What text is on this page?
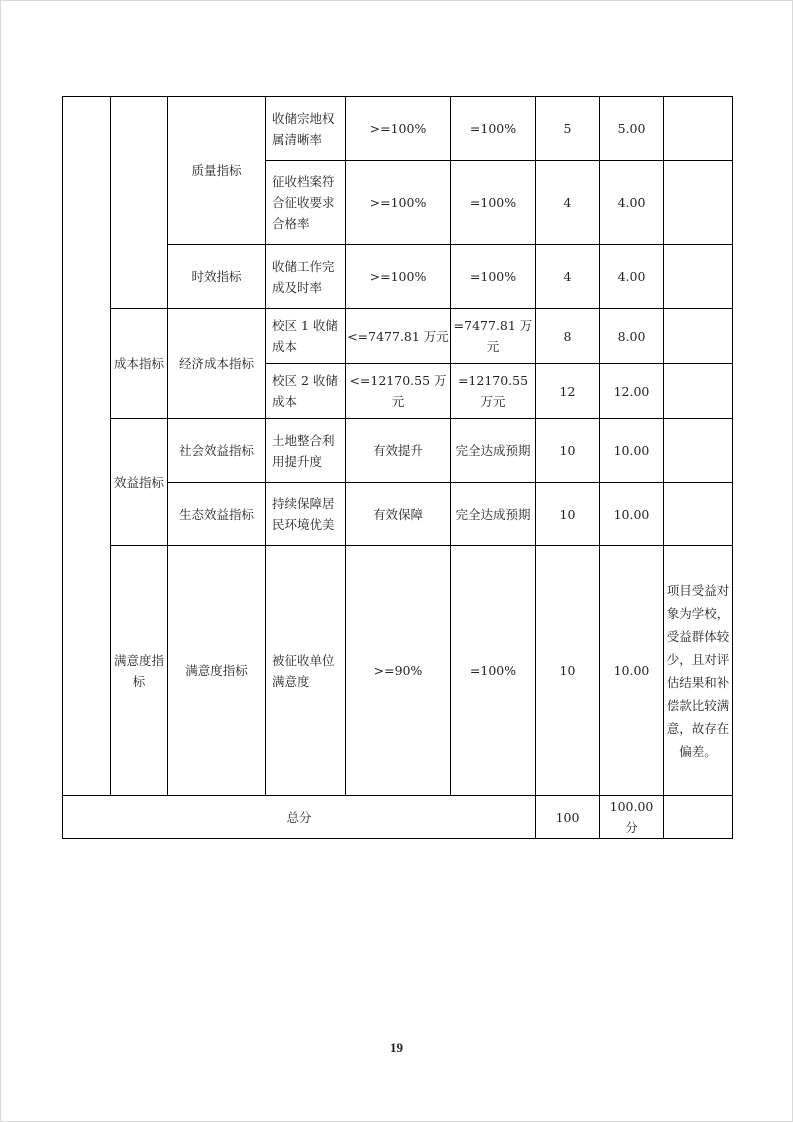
		质量指标	收储宗地权属清晰率	>=100%	=100%	5	5.00	
			征收档案符合征收要求合格率	>=100%	=100%	4	4.00	
		时效指标	收储工作完成及时率	>=100%	=100%	4	4.00	
	成本指标	经济成本指标	校区 1 收储成本	<=7477.81 万元	=7477.81 万元	8	8.00	
			校区 2 收储成本	<=12170.55 万元	=12170.55 万元	12	12.00	
	效益指标	社会效益指标	土地整合利用提升度	有效提升	完全达成预期	10	10.00	
		生态效益指标	持续保障居民环境优美	有效保障	完全达成预期	10	10.00	
	满意度指标	满意度指标	被征收单位满意度	>=90%	=100%	10	10.00	项目受益对象为学校，受益群体较少，且对评估结果和补偿款比较满意，故存在偏差。
总分						100	100.00 分	
19
